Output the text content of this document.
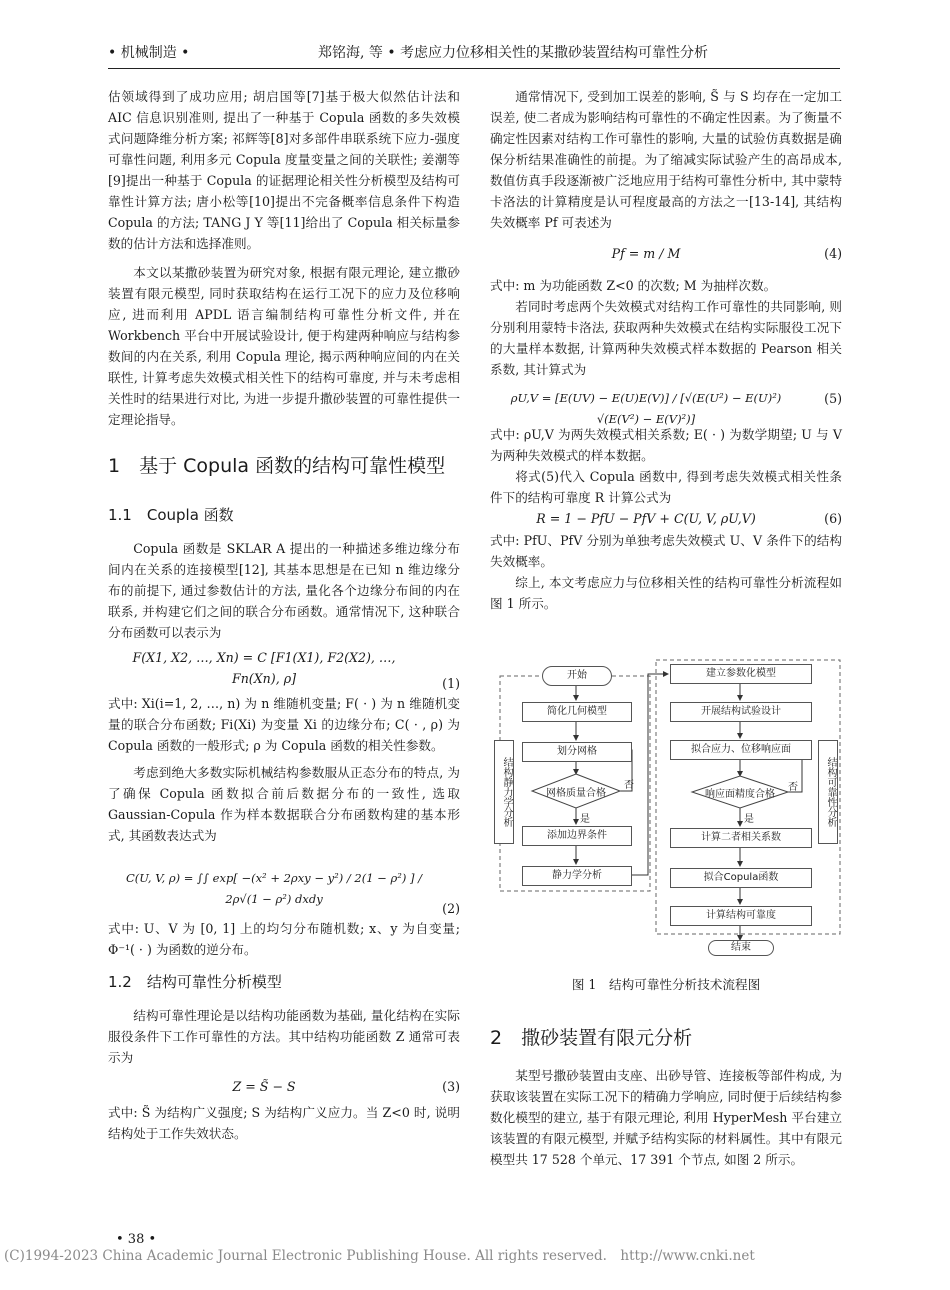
• 机械制造 •	郑铭海, 等 • 考虑应力位移相关性的某撒砂装置结构可靠性分析

估领域得到了成功应用; 胡启国等[7]基于极大似然估计法和 AIC 信息识别准则, 提出了一种基于 Copula 函数的多失效模式问题降维分析方案; 祁辉等[8]对多部件串联系统下应力-强度可靠性问题, 利用多元 Copula 度量变量之间的关联性; 姜潮等[9]提出一种基于 Copula 的证据理论相关性分析模型及结构可靠性计算方法; 唐小松等[10]提出不完备概率信息条件下构造 Copula 的方法; TANG J Y 等[11]给出了 Copula 相关标量参数的估计方法和选择准则。

本文以某撒砂装置为研究对象, 根据有限元理论, 建立撒砂装置有限元模型, 同时获取结构在运行工况下的应力及位移响应, 进而利用 APDL 语言编制结构可靠性分析文件, 并在 Workbench 平台中开展试验设计, 便于构建两种响应与结构参数间的内在关系, 利用 Copula 理论, 揭示两种响应间的内在关联性, 计算考虑失效模式相关性下的结构可靠度, 并与未考虑相关性时的结果进行对比, 为进一步提升撒砂装置的可靠性提供一定理论指导。

1　基于 Copula 函数的结构可靠性模型
1.1　Coupla 函数

Copula 函数是 SKLAR A 提出的一种描述多维边缘分布间内在关系的连接模型[12], 其基本思想是在已知 n 维边缘分布的前提下, 通过参数估计的方法, 量化各个边缘分布间的内在联系, 并构建它们之间的联合分布函数。通常情况下, 这种联合分布函数可以表示为

F(X1, X2, …, Xn) = C [F1(X1), F2(X2), …, Fn(Xn), ρ]	(1)

式中: Xi(i=1, 2, …, n) 为 n 维随机变量; F( · ) 为 n 维随机变量的联合分布函数; Fi(Xi) 为变量 Xi 的边缘分布; C( · , ρ) 为 Copula 函数的一般形式; ρ 为 Copula 函数的相关性参数。

考虑到绝大多数实际机械结构参数服从正态分布的特点, 为了确保 Copula 函数拟合前后数据分布的一致性, 选取 Gaussian-Copula 作为样本数据联合分布函数构建的基本形式, 其函数表达式为

C(U, V, ρ) = ∫∫ exp[ −(x² + 2ρxy − y²) / 2(1 − ρ²) ] / 2ρ√(1 − ρ²) dxdy
(2)

式中: U、V 为 [0, 1] 上的均匀分布随机数; x、y 为自变量; Φ⁻¹( · ) 为函数的逆分布。

1.2　结构可靠性分析模型

结构可靠性理论是以结构功能函数为基础, 量化结构在实际服役条件下工作可靠性的方法。其中结构功能函数 Z 通常可表示为

Z = S̃ − S	(3)

式中: S̃ 为结构广义强度; S 为结构广义应力。当 Z<0 时, 说明结构处于工作失效状态。

通常情况下, 受到加工误差的影响, S̃ 与 S 均存在一定加工误差, 使二者成为影响结构可靠性的不确定性因素。为了衡量不确定性因素对结构工作可靠性的影响, 大量的试验仿真数据是确保分析结果准确性的前提。为了缩减实际试验产生的高昂成本, 数值仿真手段逐渐被广泛地应用于结构可靠性分析中, 其中蒙特卡洛法的计算精度是认可程度最高的方法之一[13-14], 其结构失效概率 Pf 可表述为

Pf = m / M	(4)

式中: m 为功能函数 Z<0 的次数; M 为抽样次数。

若同时考虑两个失效模式对结构工作可靠性的共同影响, 则分别利用蒙特卡洛法, 获取两种失效模式在结构实际服役工况下的大量样本数据, 计算两种失效模式样本数据的 Pearson 相关系数, 其计算式为

ρU,V = [E(UV) − E(U)E(V)] / [√(E(U²) − E(U)²) √(E(V²) − E(V)²)]
(5)

式中: ρU,V 为两失效模式相关系数; E( · ) 为数学期望; U 与 V 为两种失效模式的样本数据。

将式(5)代入 Copula 函数中, 得到考虑失效模式相关性条件下的结构可靠度 R 计算公式为

R = 1 − PfU − PfV + C(U, V, ρU,V)	(6)

式中: PfU、PfV 分别为单独考虑失效模式 U、V 条件下的结构失效概率。

综上, 本文考虑应力与位移相关性的结构可靠性分析流程如图 1 所示。

开始
简化几何模型
划分网格
网格质量合格
是
否
添加边界条件
静力学分析
结构静力学分析
建立参数化模型
开展结构试验设计
拟合应力、位移响应面
响应面精度合格
是
否
计算二者相关系数
拟合Copula函数
计算结构可靠度
结束
结构可靠性分析
图 1　结构可靠性分析技术流程图
2　撒砂装置有限元分析

某型号撒砂装置由支座、出砂导管、连接板等部件构成, 为获取该装置在实际工况下的精确力学响应, 同时便于后续结构参数化模型的建立, 基于有限元理论, 利用 HyperMesh 平台建立该装置的有限元模型, 并赋予结构实际的材料属性。其中有限元模型共 17 528 个单元、17 391 个节点, 如图 2 所示。

• 38 •
(C)1994-2023 China Academic Journal Electronic Publishing House. All rights reserved.　http://www.cnki.net
